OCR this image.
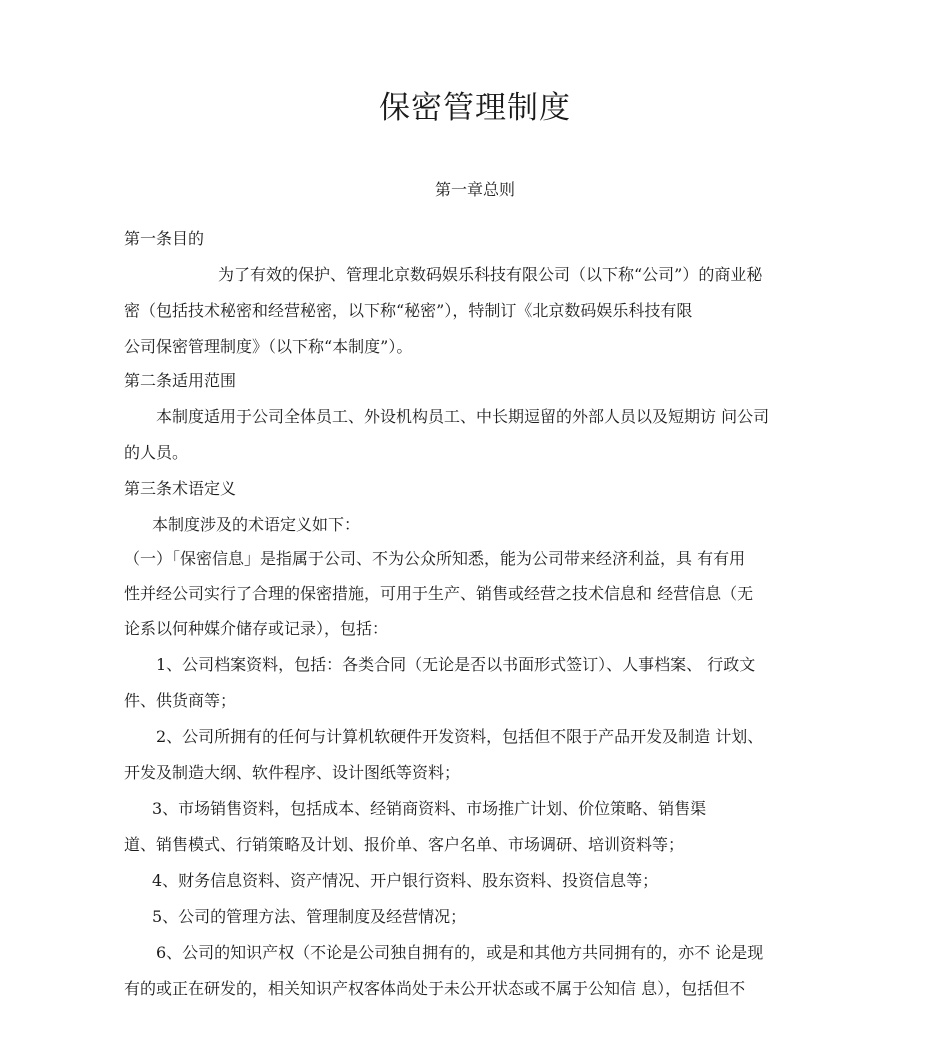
保密管理制度
第一章总则
第一条目的
为了有效的保护、管理北京数码娱乐科技有限公司（以下称“公司”）的商业秘
密（包括技术秘密和经营秘密，以下称“秘密”），特制订《北京数码娱乐科技有限
公司保密管理制度》（以下称“本制度”）。
第二条适用范围
本制度适用于公司全体员工、外设机构员工、中长期逗留的外部人员以及短期访 问公司
的人员。
第三条术语定义
本制度涉及的术语定义如下：
（一）「保密信息」是指属于公司、不为公众所知悉，能为公司带来经济利益，具 有有用
性并经公司实行了合理的保密措施，可用于生产、销售或经营之技术信息和 经营信息（无
论系以何种媒介储存或记录），包括：
1、公司档案资料，包括：各类合同（无论是否以书面形式签订）、人事档案、 行政文
件、供货商等；
2、公司所拥有的任何与计算机软硬件开发资料，包括但不限于产品开发及制造 计划、
开发及制造大纲、软件程序、设计图纸等资料；
3、市场销售资料，包括成本、经销商资料、市场推广计划、价位策略、销售渠
道、销售模式、行销策略及计划、报价单、客户名单、市场调研、培训资料等；
4、财务信息资料、资产情况、开户银行资料、股东资料、投资信息等；
5、公司的管理方法、管理制度及经营情况；
6、公司的知识产权（不论是公司独自拥有的，或是和其他方共同拥有的，亦不 论是现
有的或正在研发的，相关知识产权客体尚处于未公开状态或不属于公知信 息），包括但不
